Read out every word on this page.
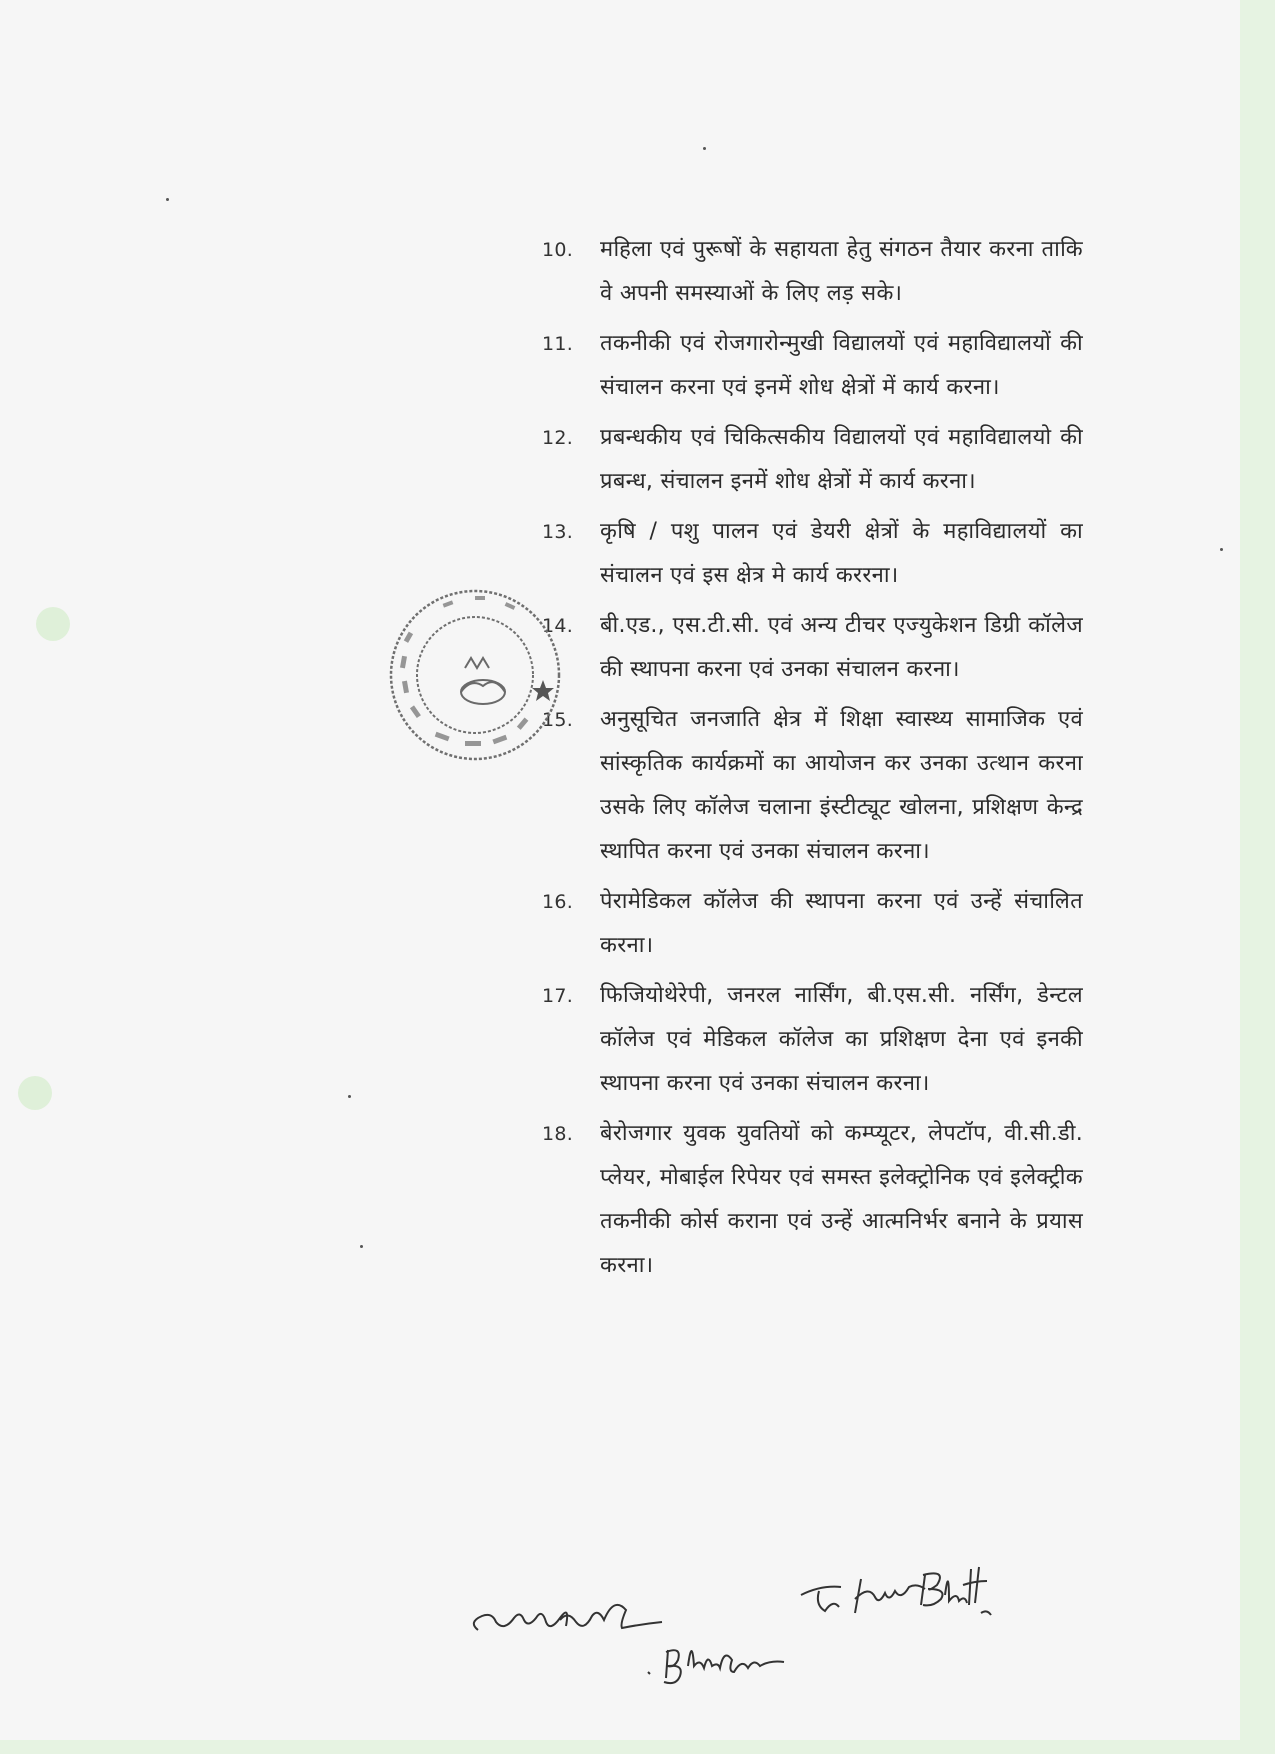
10. महिला एवं पुरूषों के सहायता हेतु संगठन तैयार करना ताकि वे अपनी समस्याओं के लिए लड़ सके।
11. तकनीकी एवं रोजगारोन्मुखी विद्यालयों एवं महाविद्यालयों की संचालन करना एवं इनमें शोध क्षेत्रों में कार्य करना।
12. प्रबन्धकीय एवं चिकित्सकीय विद्यालयों एवं महाविद्यालयो की प्रबन्ध, संचालन इनमें शोध क्षेत्रों में कार्य करना।
13. कृषि / पशु पालन एवं डेयरी क्षेत्रों के महाविद्यालयों का संचालन एवं इस क्षेत्र मे कार्य कररना।
14. बी.एड., एस.टी.सी. एवं अन्य टीचर एज्युकेशन डिग्री कॉलेज की स्थापना करना एवं उनका संचालन करना।
15. अनुसूचित जनजाति क्षेत्र में शिक्षा स्वास्थ्य सामाजिक एवं सांस्कृतिक कार्यक्रमों का आयोजन कर उनका उत्थान करना उसके लिए कॉलेज चलाना इंस्टीट्यूट खोलना, प्रशिक्षण केन्द्र स्थापित करना एवं उनका संचालन करना।
16. पेरामेडिकल कॉलेज की स्थापना करना एवं उन्हें संचालित करना।
17. फिजियोथेरेपी, जनरल नार्सिंग, बी.एस.सी. नर्सिंग, डेन्टल कॉलेज एवं मेडिकल कॉलेज का प्रशिक्षण देना एवं इनकी स्थापना करना एवं उनका संचालन करना।
18. बेरोजगार युवक युवतियों को कम्प्यूटर, लेपटॉप, वी.सी.डी. प्लेयर, मोबाईल रिपेयर एवं समस्त इलेक्ट्रोनिक एवं इलेक्ट्रीक तकनीकी कोर्स कराना एवं उन्हें आत्मनिर्भर बनाने के प्रयास करना।
